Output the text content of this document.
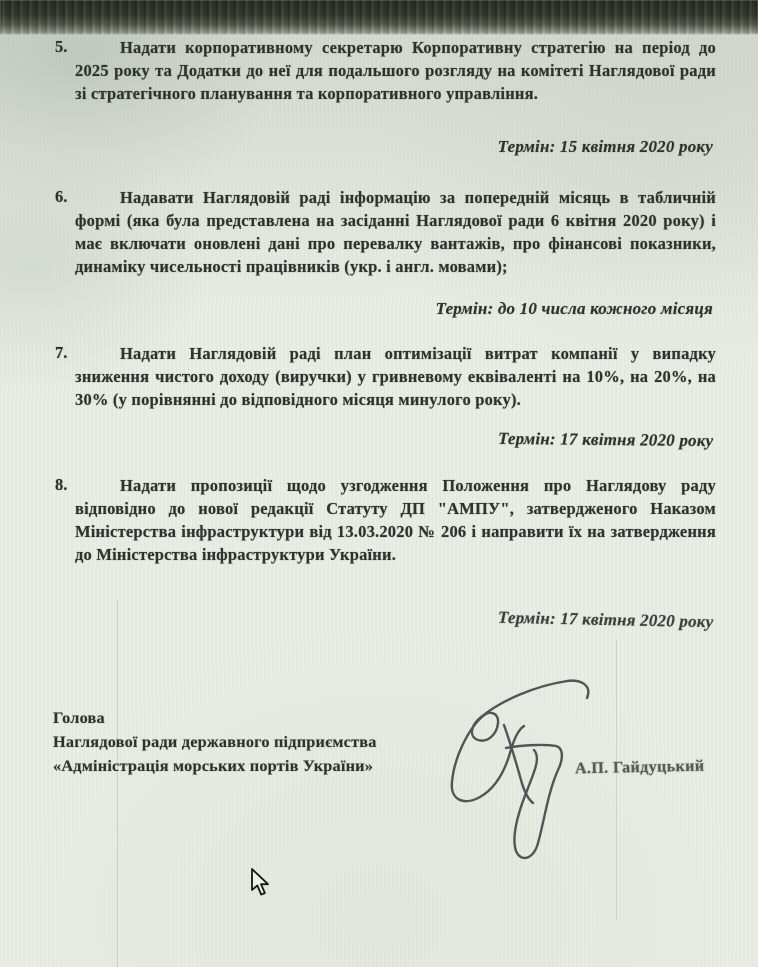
5.	Надати корпоративному секретарю Корпоративну стратегію на період до 2025 року та Додатки до неї для подальшого розгляду на комітеті Наглядової ради зі стратегічного планування та корпоративного управління.

Термін: 15 квітня 2020 року
6.	Надавати Наглядовій раді інформацію за попередній місяць в табличній формі (яка була представлена на засіданні Наглядової ради 6 квітня 2020 року) і має включати оновлені дані про перевалку вантажів, про фінансові показники, динаміку чисельності працівників (укр. і англ. мовами);

Термін: до 10 числа кожного місяця
7.	Надати Наглядовій раді план оптимізації витрат компанії у випадку зниження чистого доходу (виручки) у гривневому еквіваленті на 10%, на 20%, на 30% (у порівнянні до відповідного місяця минулого року).

Термін: 17 квітня 2020 року
8.	Надати пропозиції щодо узгодження Положення про Наглядову раду відповідно до нової редакції Статуту ДП "АМПУ", затвердженого Наказом Міністерства інфраструктури від 13.03.2020 № 206 і направити їх на затвердження до Міністерства інфраструктури України.

Термін: 17 квітня 2020 року
Голова
Наглядової ради державного підприємства
«Адміністрація морських портів України»	А.П. Гайдуцький
